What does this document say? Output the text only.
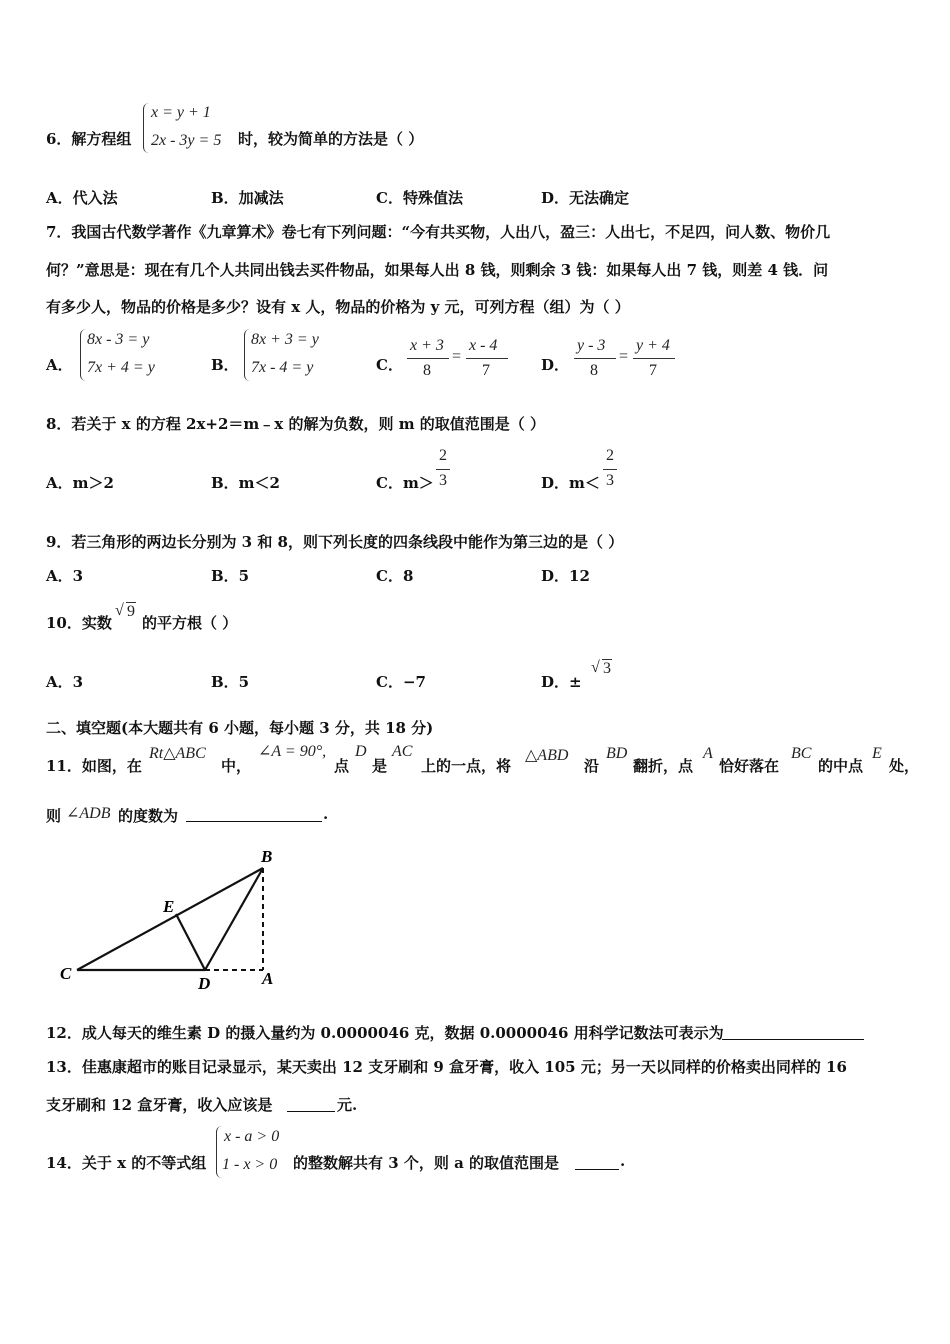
6．解方程组
x = y + 1
2x - 3y = 5 时，较为简单的方法是（ ）
A．代入法	B．加减法	C．特殊值法	D．无法确定
7．我国古代数学著作《九章算术》卷七有下列问题：“今有共买物，人出八，盈三：人出七，不足四，问人数、物价几
何？”意思是：现在有几个人共同出钱去买件物品，如果每人出 8 钱，则剩余 3 钱：如果每人出 7 钱，则差 4 钱．问
有多少人，物品的价格是多少？设有 x 人，物品的价格为 y 元，可列方程（组）为（ ）
A．
8x - 3 = y
7x + 4 = y	B．
8x + 3 = y
7x - 4 = y	C．
x + 3
8
=
x - 4
7	D．
y - 3
8
=
y + 4
7
8．若关于 x 的方程 2x+2＝m﹣x 的解为负数，则 m 的取值范围是（ ）
A．m＞2	B．m＜2	C．m＞
2
3	D．m＜
2
3
9．若三角形的两边长分别为 3 和 8，则下列长度的四条线段中能作为第三边的是（ ）
A．3	B．5	C．8	D．12
10．实数
√ 9
的平方根（ ）
A．3	B．5	C．−7	D．±
√ 3
二、填空题(本大题共有 6 小题，每小题 3 分，共 18 分)
11．如图，在
Rt△ABC
中，
∠A = 90°,
点
D
是
AC
上的一点，将
△ABD
沿
BD
翻折，点
A
恰好落在
BC
的中点
E
处，
则 ∠ADB 的度数为	.
B
E
C
D	A
12．成人每天的维生素 D 的摄入量约为 0.0000046 克，数据 0.0000046 用科学记数法可表示为
13．佳惠康超市的账目记录显示，某天卖出 12 支牙刷和 9 盒牙膏，收入 105 元；另一天以同样的价格卖出同样的 16
支牙刷和 12 盒牙膏，收入应该是	元.
14．关于 x 的不等式组
x - a > 0
1 - x > 0 的整数解共有 3 个，则 a 的取值范围是	.
